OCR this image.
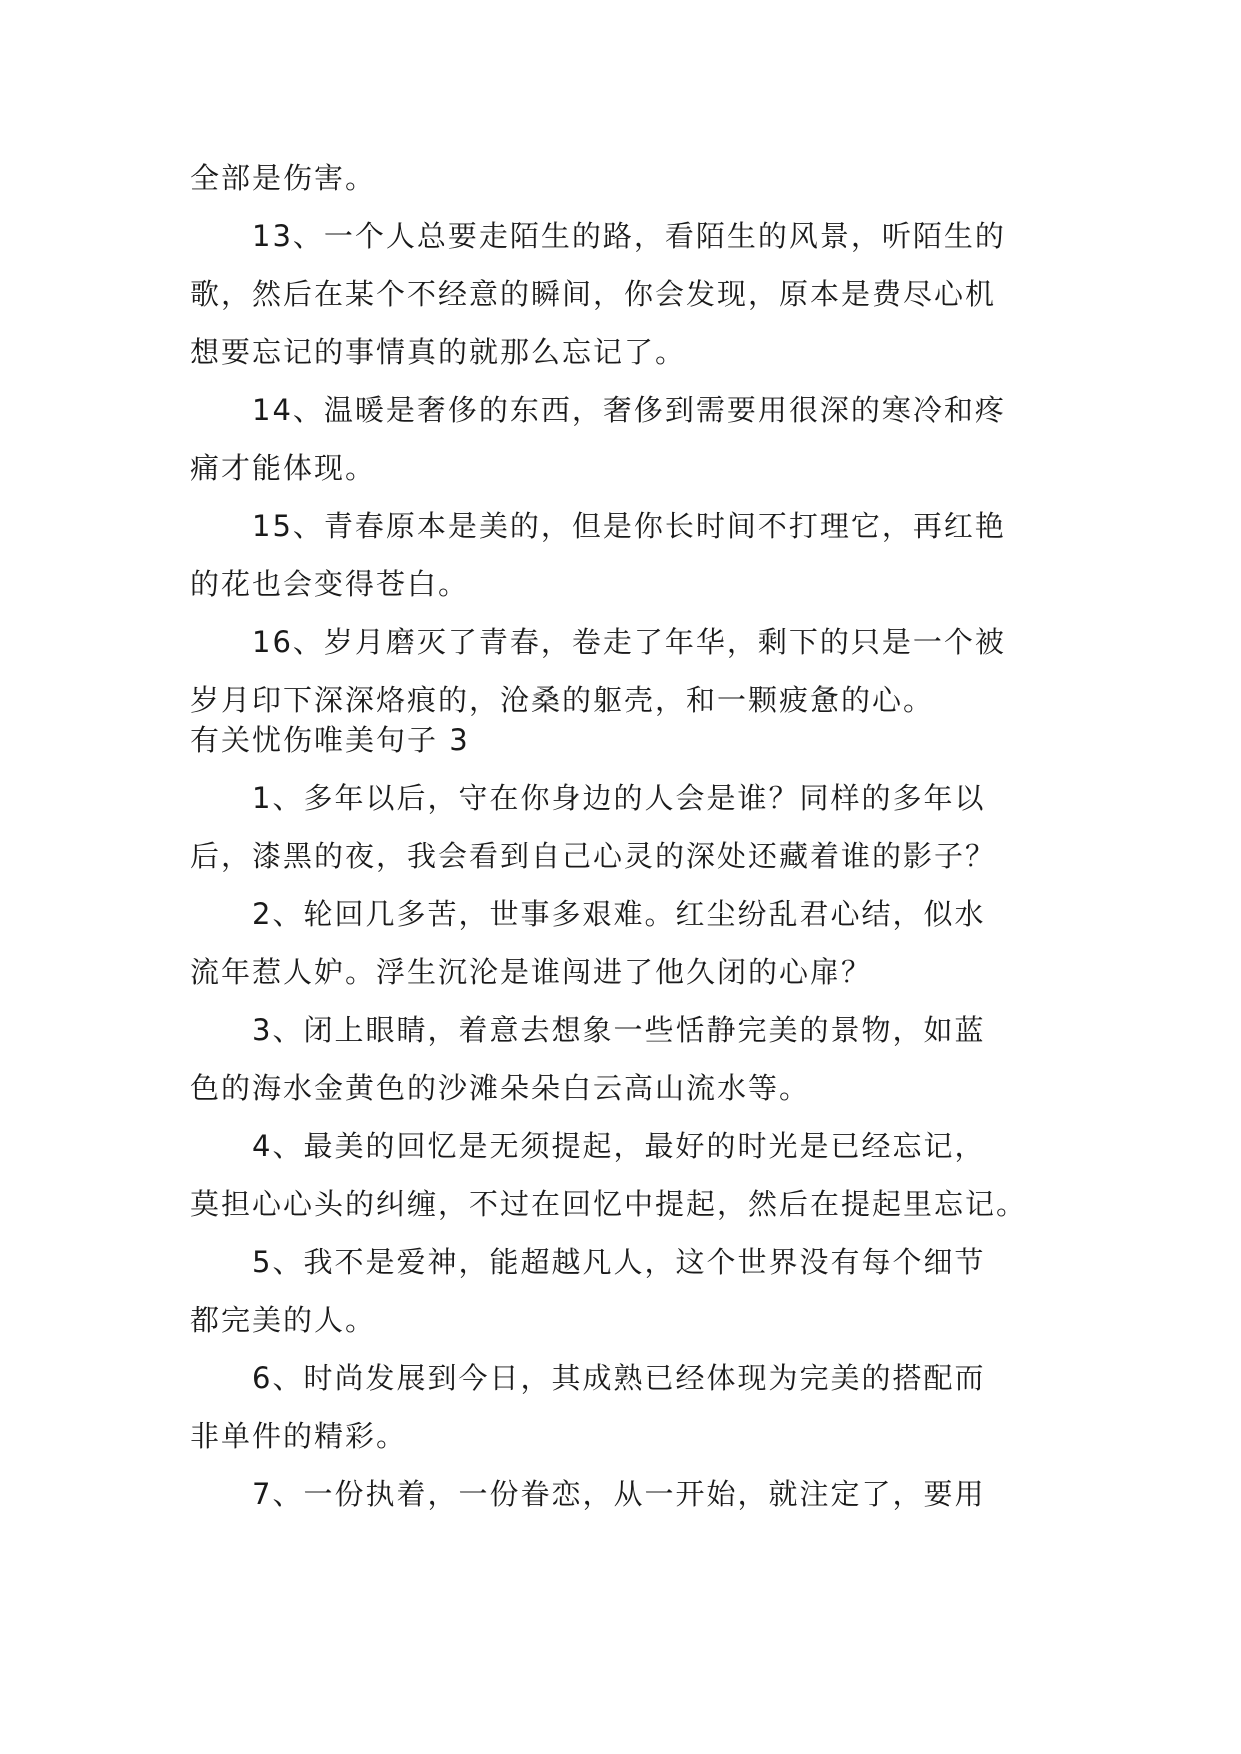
全部是伤害。
13、一个人总要走陌生的路，看陌生的风景，听陌生的
歌，然后在某个不经意的瞬间，你会发现，原本是费尽心机
想要忘记的事情真的就那么忘记了。
14、温暖是奢侈的东西，奢侈到需要用很深的寒冷和疼
痛才能体现。
15、青春原本是美的，但是你长时间不打理它，再红艳
的花也会变得苍白。
16、岁月磨灭了青春，卷走了年华，剩下的只是一个被
岁月印下深深烙痕的，沧桑的躯壳，和一颗疲惫的心。
有关忧伤唯美句子 3
1、多年以后，守在你身边的人会是谁？同样的多年以
后，漆黑的夜，我会看到自己心灵的深处还藏着谁的影子？
2、轮回几多苦，世事多艰难。红尘纷乱君心结，似水
流年惹人妒。浮生沉沦是谁闯进了他久闭的心扉？
3、闭上眼睛，着意去想象一些恬静完美的景物，如蓝
色的海水金黄色的沙滩朵朵白云高山流水等。
4、最美的回忆是无须提起，最好的时光是已经忘记，
莫担心心头的纠缠，不过在回忆中提起，然后在提起里忘记。
5、我不是爱神，能超越凡人，这个世界没有每个细节
都完美的人。
6、时尚发展到今日，其成熟已经体现为完美的搭配而
非单件的精彩。
7、一份执着，一份眷恋，从一开始，就注定了，要用
